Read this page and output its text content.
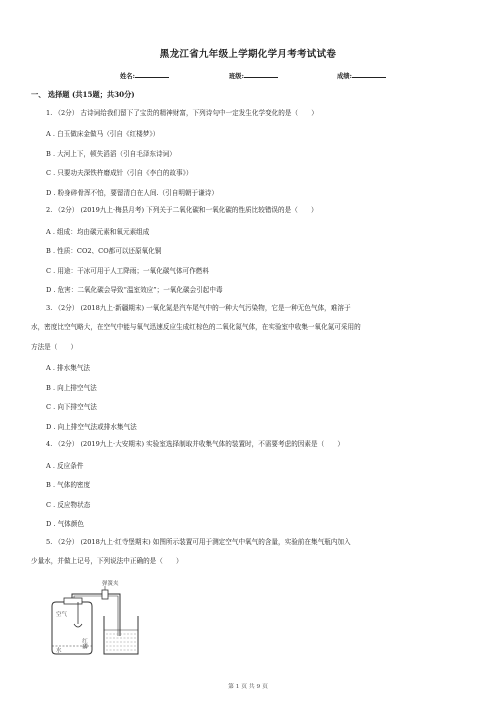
黑龙江省九年级上学期化学月考考试试卷
姓名:	班级:	成绩:
一、 选择题 (共15题；共30分)
1. （2分） 古诗词给我们留下了宝贵的精神财富，下列诗句中一定发生化学变化的是（　　）
A . 白玉做床金做马（引自《红楼梦》）
B . 大河上下，顿失滔滔（引自毛泽东诗词）
C . 只要功夫深铁杵磨成针（引自《李白的故事》）
D . 粉身碎骨浑不怕，要留清白在人间.（引自明朝于谦诗）
2. （2分） (2019九上·梅县月考) 下列关于二氧化碳和一氧化碳的性质比较错误的是（　　）
A . 组成：均由碳元素和氧元素组成
B . 性质：CO2、CO都可以还原氧化铜
C . 用途：干冰可用于人工降雨；一氧化碳气体可作燃料
D . 危害：二氧化碳会导致“温室效应”；一氧化碳会引起中毒
3. （2分） (2018九上·新疆期末) 一氧化氮是汽车尾气中的一种大气污染物，它是一种无色气体，难溶于
水，密度比空气略大，在空气中能与氧气迅速反应生成红棕色的二氧化氮气体，在实验室中收集一氧化氮可采用的
方法是（　　）
A . 排水集气法
B . 向上排空气法
C . 向下排空气法
D . 向上排空气法或排水集气法
4. （2分） (2019九上·大安期末) 实验室选择制取并收集气体的装置时，不需要考虑的因素是（　　）
A . 反应条件
B . 气体的密度
C . 反应物状态
D . 气体颜色
5. （2分） (2018九上·红寺堡期末) 如图所示装置可用于测定空气中氧气的含量，实验前在集气瓶内加入
少量水，并做上记号，下列说法中正确的是（　　）
弹簧夹
空气
红磷
水
第 1 页 共 9 页
